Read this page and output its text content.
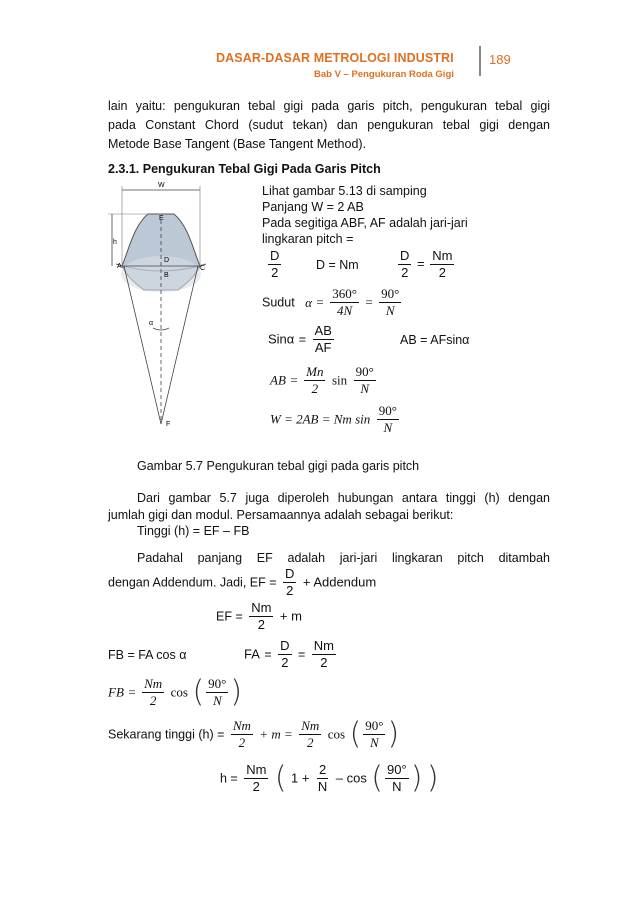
DASAR-DASAR METROLOGI INDUSTRI
Bab V – Pengukuran Roda Gigi
189
lain yaitu: pengukuran tebal gigi pada garis pitch, pengukuran tebal gigi
pada Constant Chord (sudut tekan) dan pengukuran tebal gigi dengan
Metode Base Tangent (Base Tangent Method).
2.3.1. Pengukuran Tebal Gigi Pada Garis Pitch
W
h
E
A
D
C
B
α
F
Lihat gambar 5.13 di samping
Panjang W = 2 AB
Pada segitiga ABF, AF adalah jari-jari
lingkaran pitch =
$\frac{D}{2}$	D = Nm	$\frac{D}{2} = \frac{Nm}{2}$
Sudut $\alpha = \frac{360^\circ}{4N} = \frac{90^\circ}{N}$
$Sin\alpha = \frac{AB}{AF}$	AB = AFsinα
AB = $\frac{Mn}{2}$ $\sin \frac{90^\circ}{N}$
W = 2AB = Nm $\sin \frac{90^\circ}{N}$
Gambar 5.7 Pengukuran tebal gigi pada garis pitch
Dari gambar 5.7 juga diperoleh hubungan antara tinggi (h) dengan
jumlah gigi dan modul. Persamaannya adalah sebagai berikut:
Tinggi (h) = EF – FB
Padahal panjang EF adalah jari-jari lingkaran pitch ditambah
dengan Addendum. Jadi, EF = $\frac{D}{2}$ + Addendum
EF = $\frac{Nm}{2} + m$
FB = FA cos α	FA = $\frac{D}{2} = \frac{Nm}{2}$
FB = $\frac{Nm}{2}$ cos ( $\frac{90^\circ}{N}$ )
Sekarang tinggi $(h) = \frac{Nm}{2} + m = \frac{Nm}{2}$ cos ( $\frac{90^\circ}{N}$ )
$h = \frac{Nm}{2}$ ( $1 + \frac{2}{N} - \cos$ ( $\frac{90^\circ}{N}$ ) )
